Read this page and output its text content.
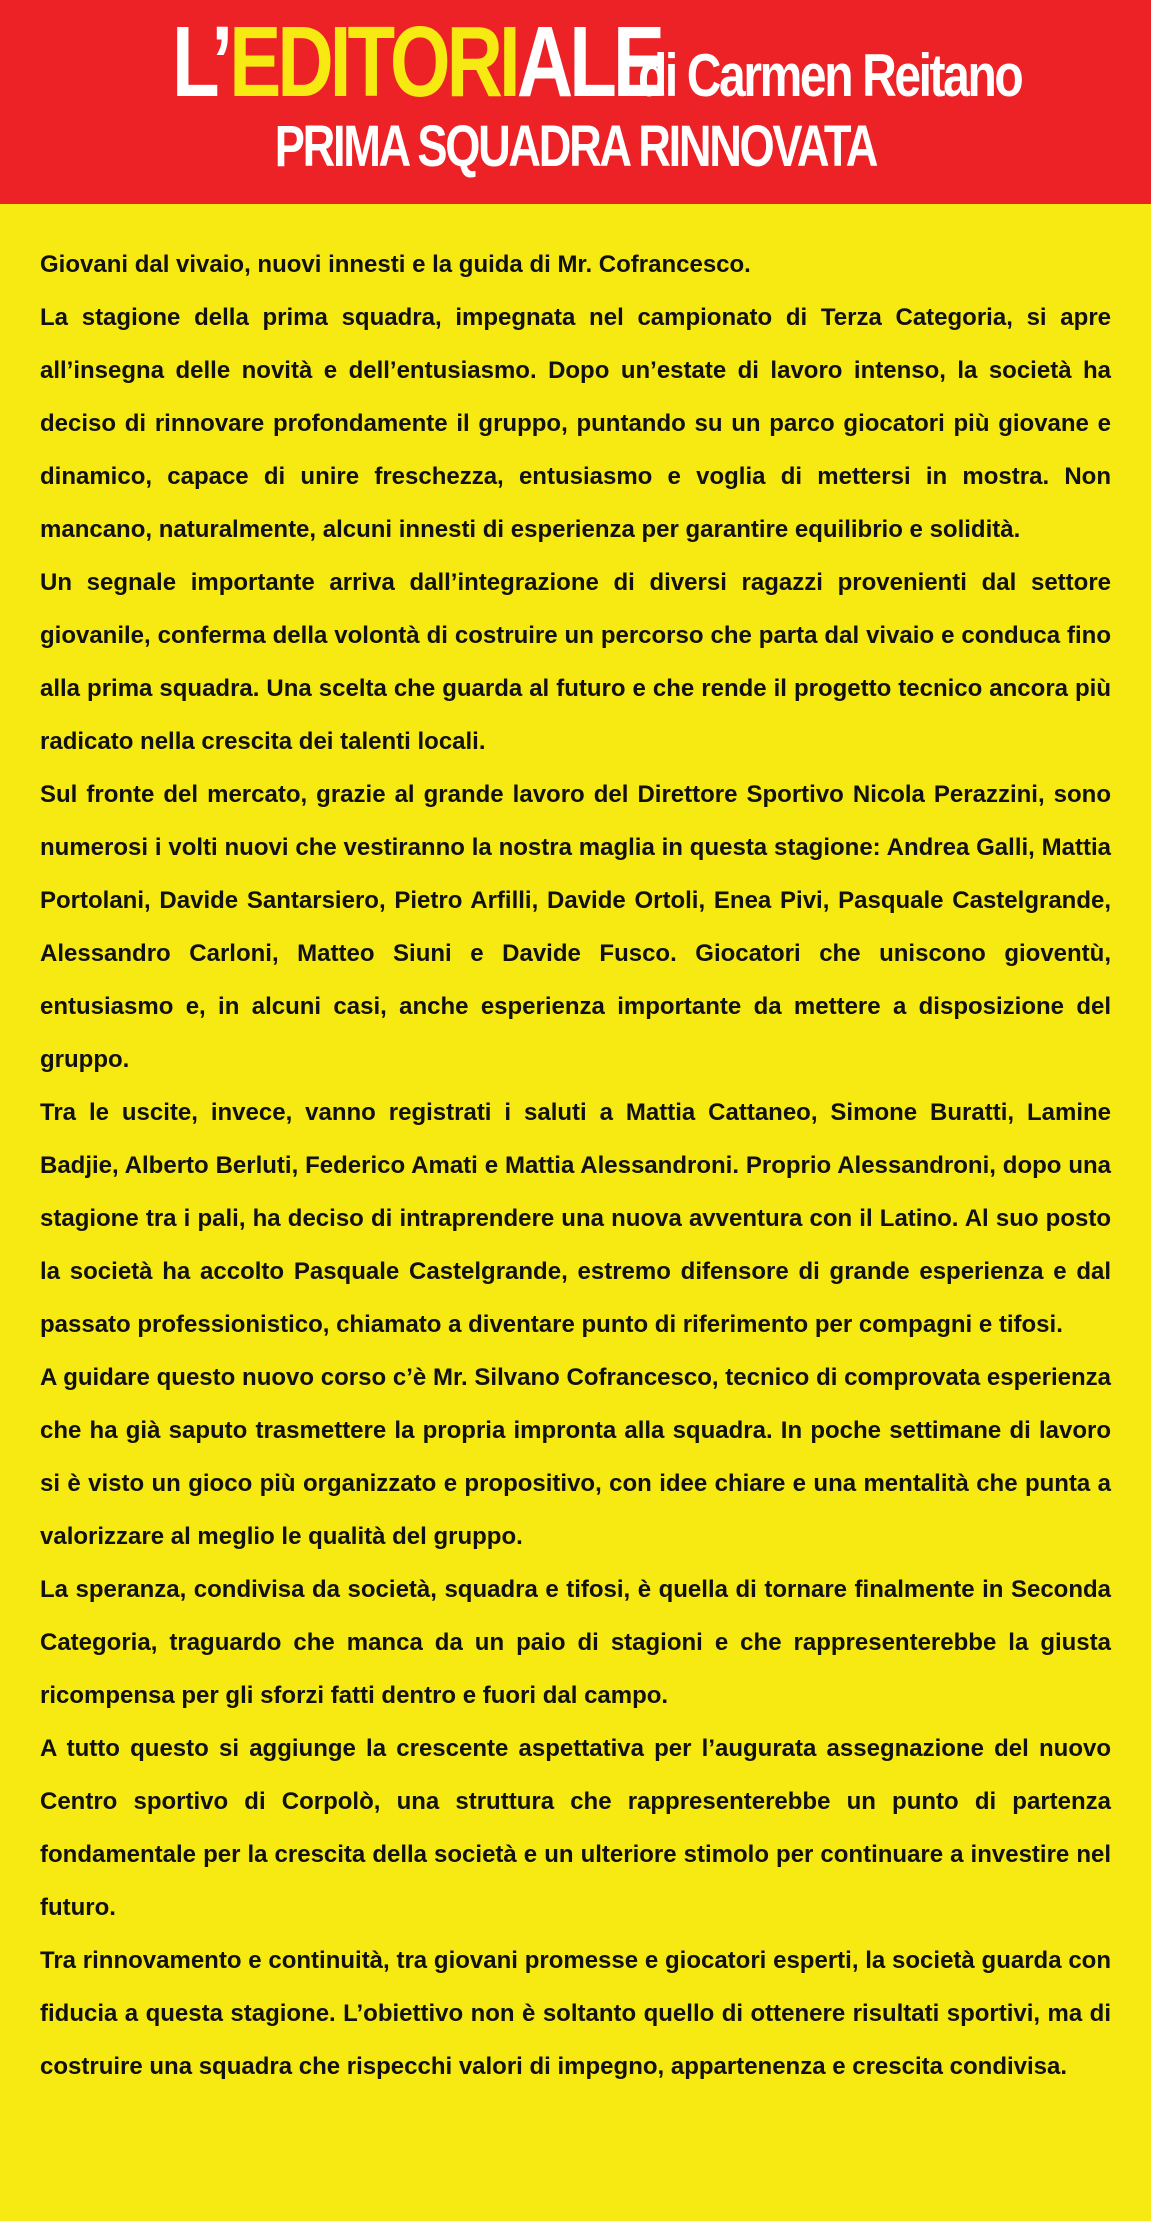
L’EDITORIALEdi Carmen Reitano
PRIMA SQUADRA RINNOVATA

Giovani dal vivaio, nuovi innesti e la guida di Mr. Cofrancesco.

La stagione della prima squadra, impegnata nel campionato di Terza Categoria, si apre all’insegna delle novità e dell’entusiasmo. Dopo un’estate di lavoro intenso, la società ha deciso di rinnovare profondamente il gruppo, puntando su un parco giocatori più giovane e dinamico, capace di unire freschezza, entusiasmo e voglia di mettersi in mostra. Non mancano, naturalmente, alcuni innesti di esperienza per garantire equilibrio e solidità.

Un segnale importante arriva dall’integrazione di diversi ragazzi provenienti dal settore giovanile, conferma della volontà di costruire un percorso che parta dal vivaio e conduca fino alla prima squadra. Una scelta che guarda al futuro e che rende il progetto tecnico ancora più radicato nella crescita dei talenti locali.

Sul fronte del mercato, grazie al grande lavoro del Direttore Sportivo Nicola Perazzini, sono numerosi i volti nuovi che vestiranno la nostra maglia in questa stagione: Andrea Galli, Mattia Portolani, Davide Santarsiero, Pietro Arfilli, Davide Ortoli, Enea Pivi, Pasquale Castelgrande, Alessandro Carloni, Matteo Siuni e Davide Fusco. Giocatori che uniscono gioventù, entusiasmo e, in alcuni casi, anche esperienza importante da mettere a disposizione del gruppo.

Tra le uscite, invece, vanno registrati i saluti a Mattia Cattaneo, Simone Buratti, Lamine Badjie, Alberto Berluti, Federico Amati e Mattia Alessandroni. Proprio Alessandroni, dopo una stagione tra i pali, ha deciso di intraprendere una nuova avventura con il Latino. Al suo posto la società ha accolto Pasquale Castelgrande, estremo difensore di grande esperienza e dal passato professionistico, chiamato a diventare punto di riferimento per compagni e tifosi.

A guidare questo nuovo corso c’è Mr. Silvano Cofrancesco, tecnico di comprovata esperienza che ha già saputo trasmettere la propria impronta alla squadra. In poche settimane di lavoro si è visto un gioco più organizzato e propositivo, con idee chiare e una mentalità che punta a valorizzare al meglio le qualità del gruppo.

La speranza, condivisa da società, squadra e tifosi, è quella di tornare finalmente in Seconda Categoria, traguardo che manca da un paio di stagioni e che rappresenterebbe la giusta ricompensa per gli sforzi fatti dentro e fuori dal campo.

A tutto questo si aggiunge la crescente aspettativa per l’augurata assegnazione del nuovo Centro sportivo di Corpolò, una struttura che rappresenterebbe un punto di partenza fondamentale per la crescita della società e un ulteriore stimolo per continuare a investire nel futuro.

Tra rinnovamento e continuità, tra giovani promesse e giocatori esperti, la società guarda con fiducia a questa stagione. L’obiettivo non è soltanto quello di ottenere risultati sportivi, ma di costruire una squadra che rispecchi valori di impegno, appartenenza e crescita condivisa.
